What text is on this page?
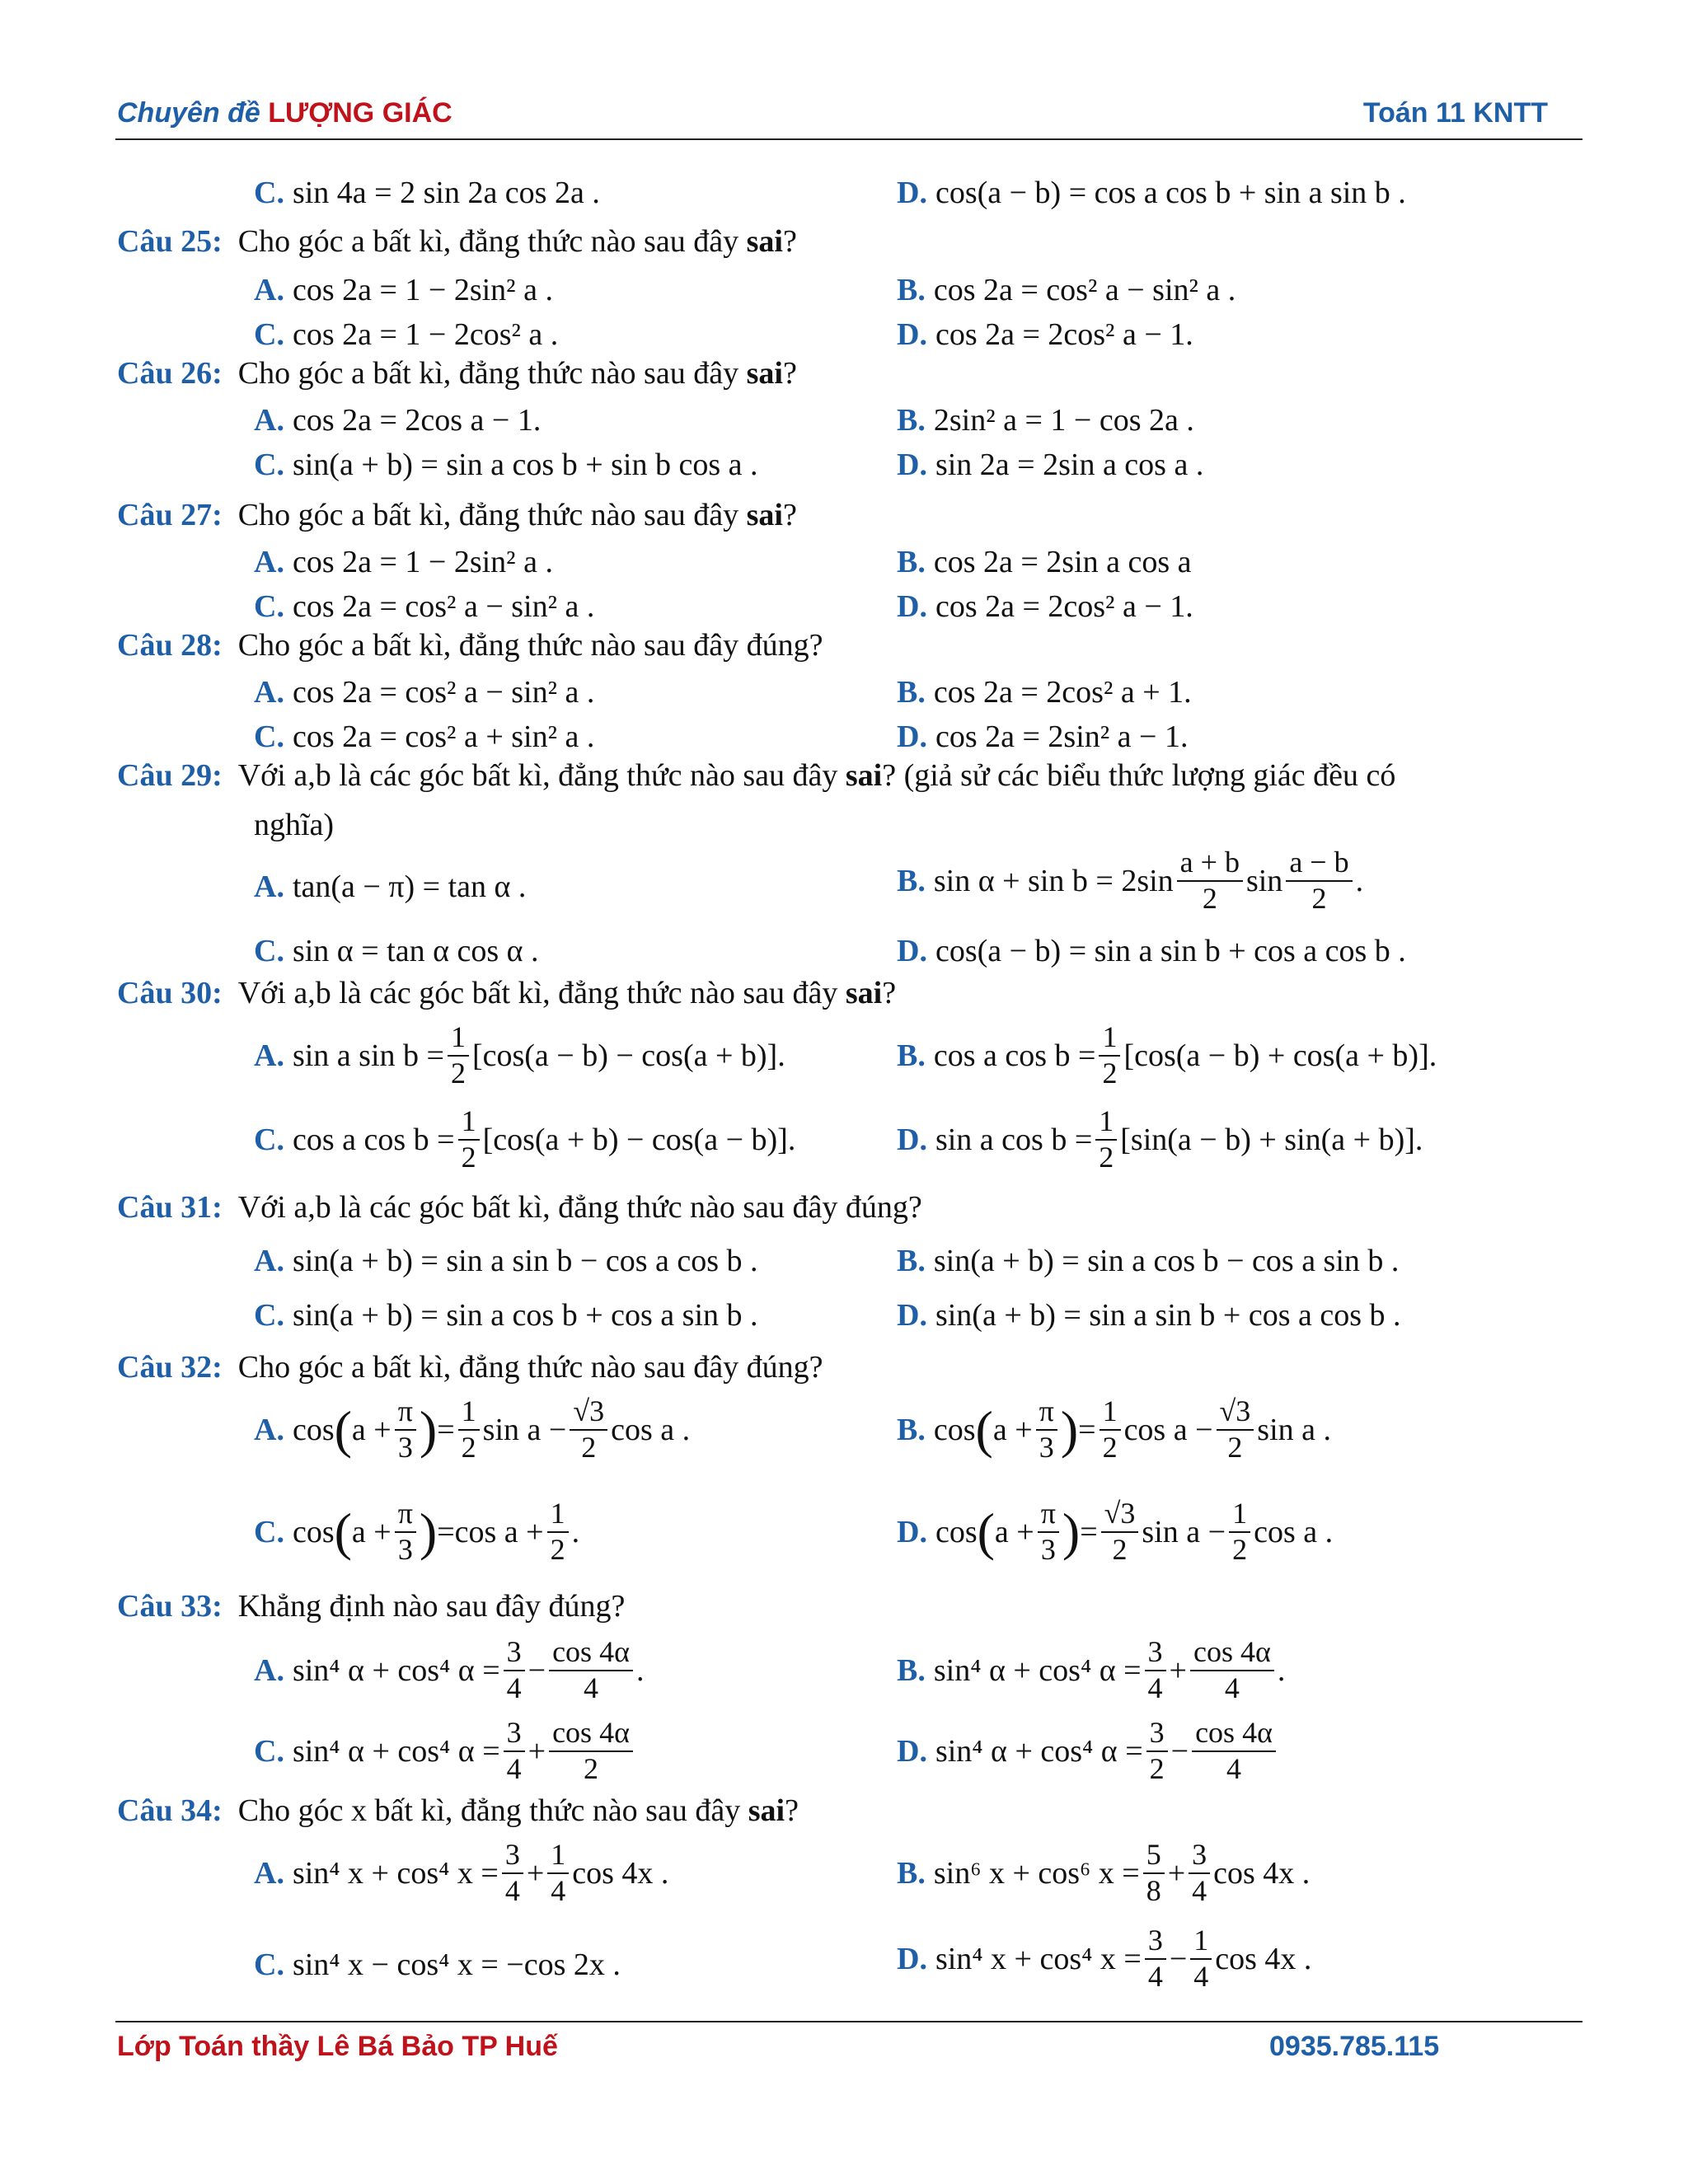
Chuyên đề LƯỢNG GIÁC	Toán 11 KNTT
C. sin 4a = 2 sin 2a cos 2a .	D. cos(a − b) = cos a cos b + sin a sin b .
Câu 25: Cho góc a bất kì, đẳng thức nào sau đây sai?
A. cos 2a = 1 − 2sin² a .	B. cos 2a = cos² a − sin² a .
C. cos 2a = 1 − 2cos² a .	D. cos 2a = 2cos² a − 1.
Câu 26: Cho góc a bất kì, đẳng thức nào sau đây sai?
A. cos 2a = 2cos a − 1.	B. 2sin² a = 1 − cos 2a .
C. sin(a + b) = sin a cos b + sin b cos a .	D. sin 2a = 2sin a cos a .
Câu 27: Cho góc a bất kì, đẳng thức nào sau đây sai?
A. cos 2a = 1 − 2sin² a .	B. cos 2a = 2sin a cos a
C. cos 2a = cos² a − sin² a .	D. cos 2a = 2cos² a − 1.
Câu 28: Cho góc a bất kì, đẳng thức nào sau đây đúng?
A. cos 2a = cos² a − sin² a .	B. cos 2a = 2cos² a + 1.
C. cos 2a = cos² a + sin² a .	D. cos 2a = 2sin² a − 1.
Câu 29: Với a,b là các góc bất kì, đẳng thức nào sau đây sai? (giả sử các biểu thức lượng giác đều có
nghĩa)
A. tan(a − π) = tan α .	B. $\sin \alpha + \sin b = 2\sin \frac{a + b}{2}$ $\sin \frac{a - b}{2}$ .
C. sin α = tan α cos α .	D. cos(a − b) = sin a sin b + cos a cos b .
Câu 30: Với a,b là các góc bất kì, đẳng thức nào sau đây sai?
A. sin a $\sin b = \frac{1}{2} [\cos(a - b) - \cos(a + b)]$.	B. cos a $\cos b = \frac{1}{2} [\cos(a - b) + \cos(a + b)]$.
C. cos a $\cos b = \frac{1}{2} [\cos(a + b) - \cos(a - b)]$.	D. sin a $\cos b = \frac{1}{2} [\sin(a - b) + \sin(a + b)]$.
Câu 31: Với a,b là các góc bất kì, đẳng thức nào sau đây đúng?
A. sin(a + b) = sin a sin b − cos a cos b .	B. sin(a + b) = sin a cos b − cos a sin b .
C. sin(a + b) = sin a cos b + cos a sin b .	D. sin(a + b) = sin a sin b + cos a cos b .
Câu 32: Cho góc a bất kì, đẳng thức nào sau đây đúng?
A. cos ( $a + \frac{\pi}{3}$ ) = $\frac{1}{2}$ $\sin a - \frac{√3}{2}$ cos a .	B. cos ( $a + \frac{\pi}{3}$ ) = $\frac{1}{2}$ $\cos a - \frac{√3}{2}$ sin a .
C. cos ( $a + \frac{\pi}{3}$ ) = $\cos a + \frac{1}{2}$ .	D. cos ( $a + \frac{\pi}{3}$ ) = $\frac{√3}{2}$ $\sin a - \frac{1}{2}$ cos a .
Câu 33: Khẳng định nào sau đây đúng?
A. sin⁴ α + cos⁴ $\alpha = \frac{3}{4} - \frac{\cos 4\alpha}{4}$ .	B. sin⁴ α + cos⁴ $\alpha = \frac{3}{4} + \frac{\cos 4\alpha}{4}$ .
C. sin⁴ α + cos⁴ $\alpha = \frac{3}{4} + \frac{\cos 4\alpha}{2}$	D. sin⁴ α + cos⁴ $\alpha = \frac{3}{2} - \frac{\cos 4\alpha}{4}$
Câu 34: Cho góc x bất kì, đẳng thức nào sau đây sai?
A. sin⁴ x + cos⁴ $x = \frac{3}{4} + \frac{1}{4}$ cos 4x .	B. sin⁶ x + cos⁶ $x = \frac{5}{8} + \frac{3}{4}$ cos 4x .
C. sin⁴ x − cos⁴ x = −cos 2x .	D. sin⁴ x + cos⁴ $x = \frac{3}{4} - \frac{1}{4}$ cos 4x .
Lớp Toán thầy Lê Bá Bảo TP Huế	0935.785.115
